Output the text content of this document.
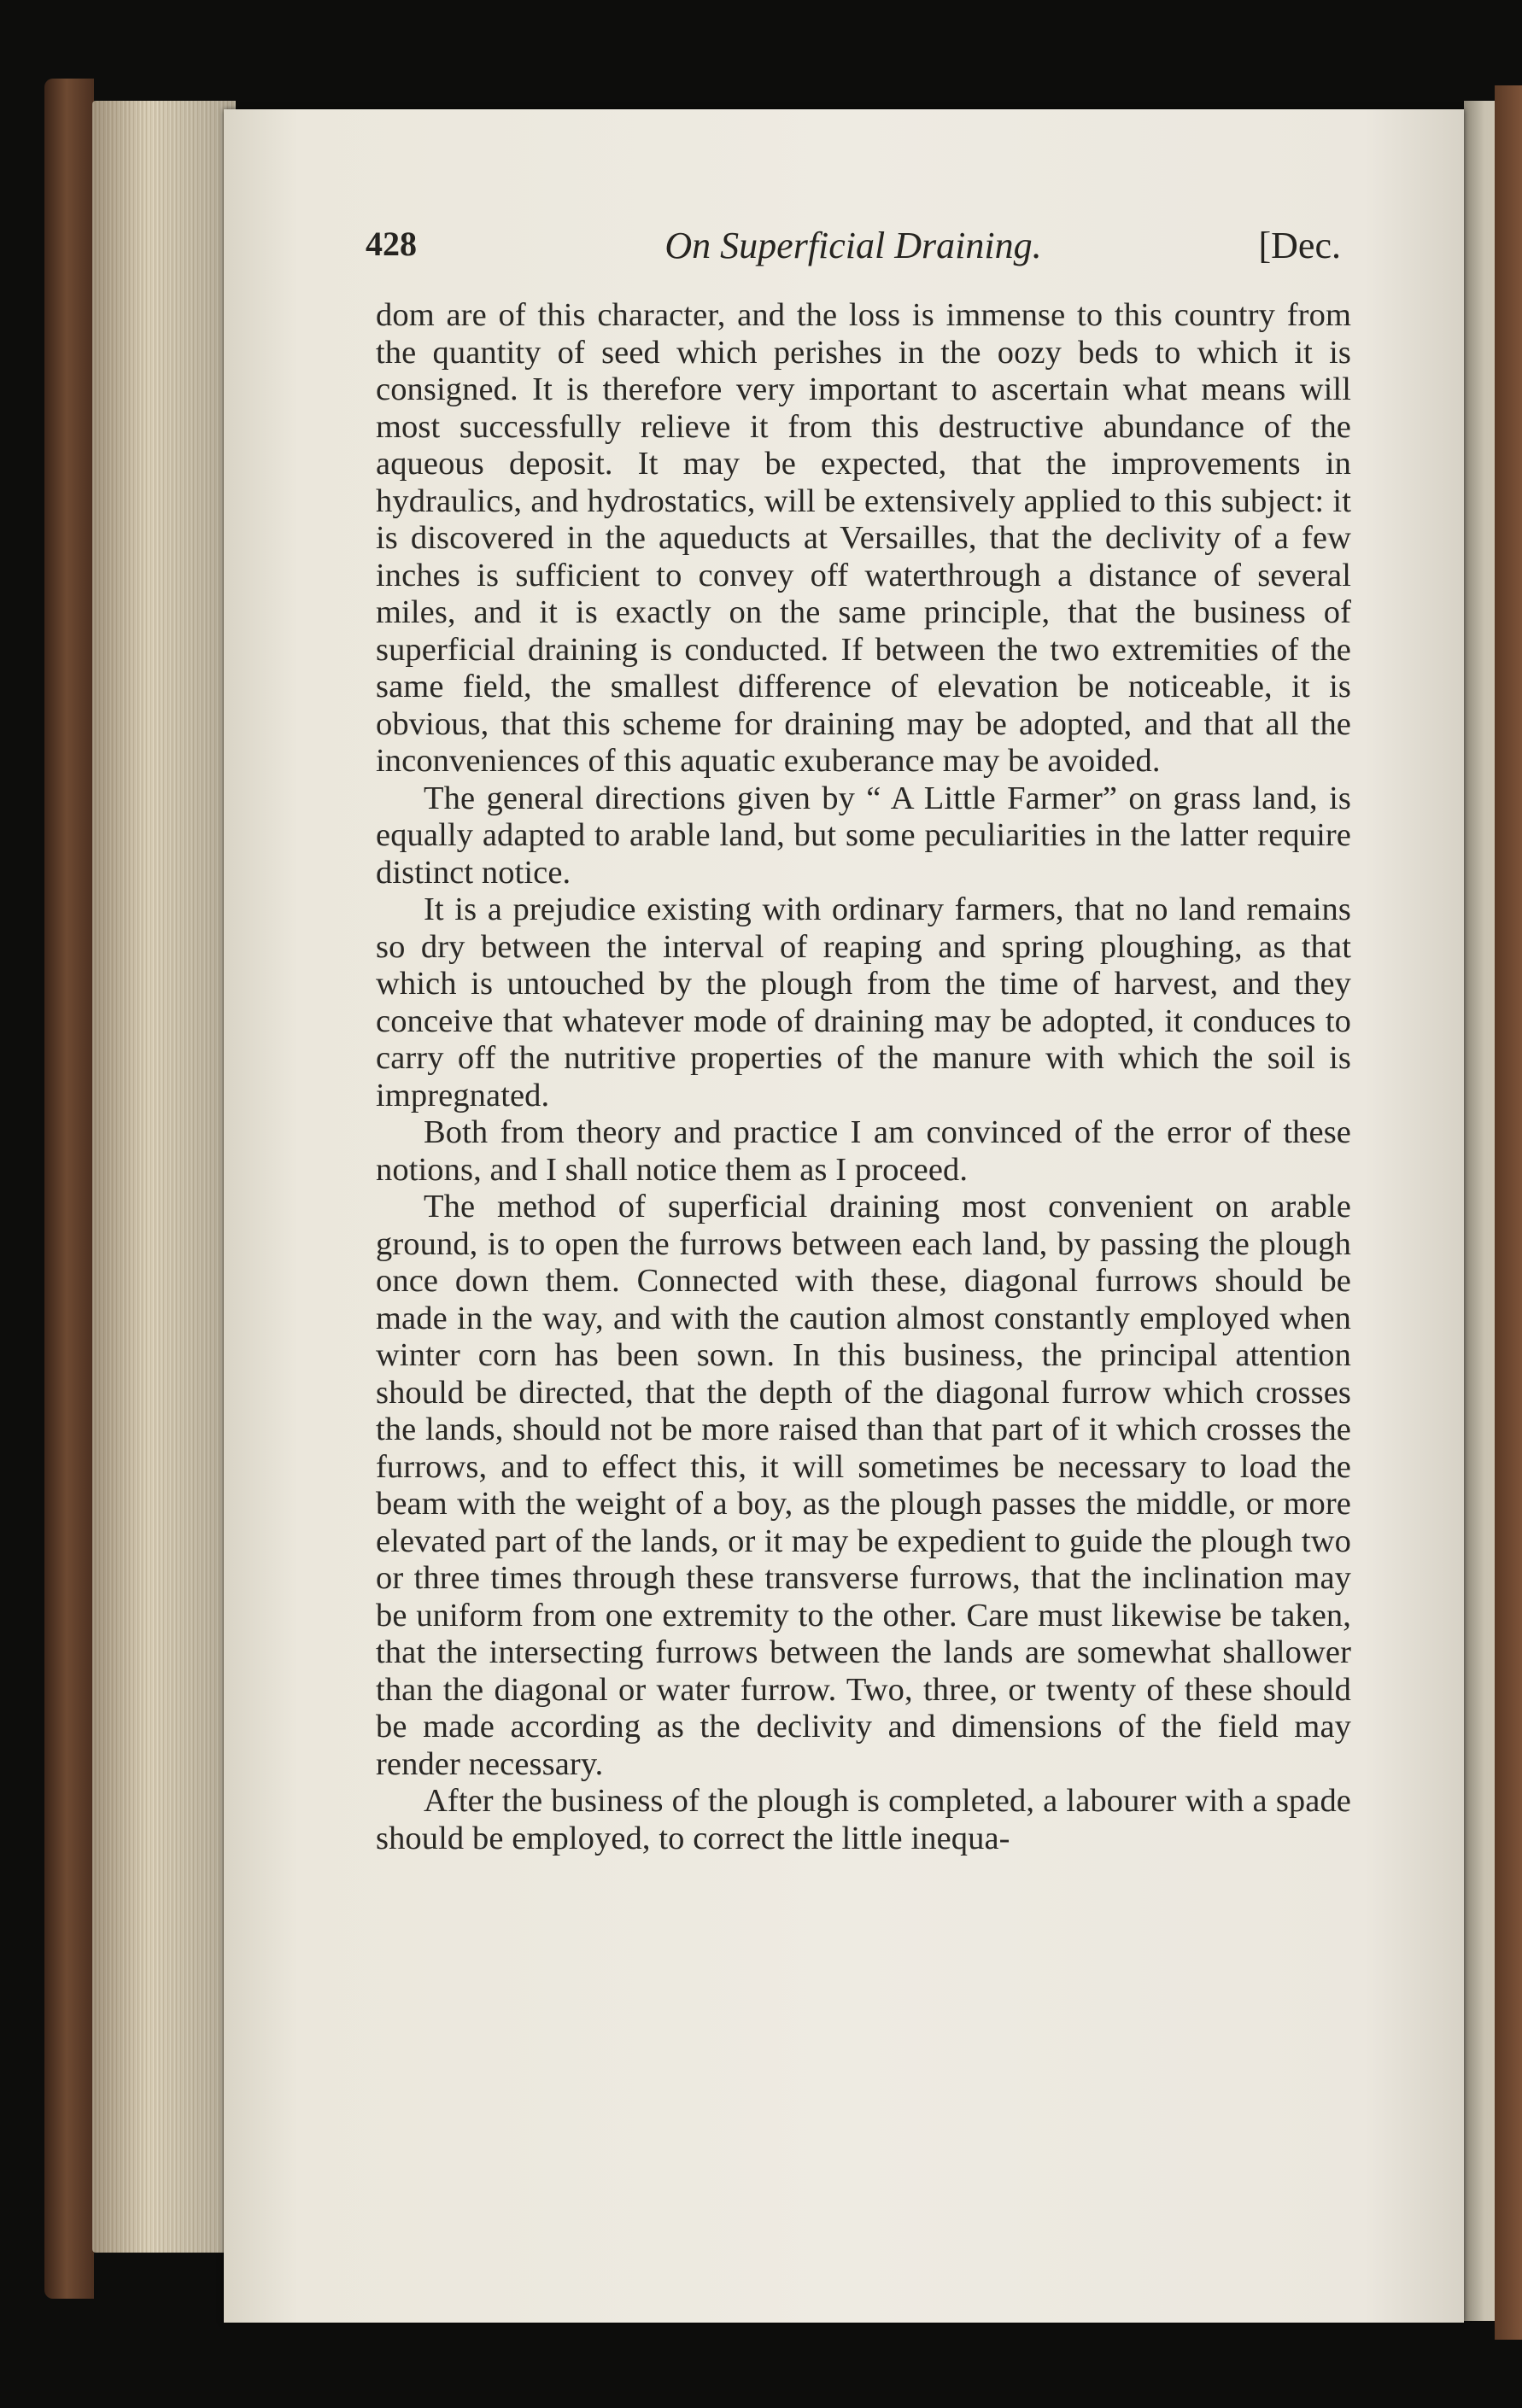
428	On Superficial Draining.	[Dec.

dom are of this character, and the loss is immense to this country from the quantity of seed which perishes in the oozy beds to which it is consigned. It is therefore very important to ascertain what means will most successfully relieve it from this destructive abundance of the aqueous deposit. It may be expected, that the improvements in hydraulics, and hydrostatics, will be extensively applied to this subject: it is discovered in the aqueducts at Versailles, that the declivity of a few inches is sufficient to convey off waterthrough a distance of several miles, and it is exactly on the same principle, that the business of superficial draining is conducted. If between the two extremities of the same field, the smallest difference of elevation be noticeable, it is obvious, that this scheme for draining may be adopted, and that all the inconveniences of this aquatic exuberance may be avoided.

The general directions given by “ A Little Farmer” on grass land, is equally adapted to arable land, but some peculiarities in the latter require distinct notice.

It is a prejudice existing with ordinary farmers, that no land remains so dry between the interval of reaping and spring ploughing, as that which is untouched by the plough from the time of harvest, and they conceive that whatever mode of draining may be adopted, it conduces to carry off the nutritive properties of the manure with which the soil is impregnated.

Both from theory and practice I am convinced of the error of these notions, and I shall notice them as I proceed.

The method of superficial draining most convenient on arable ground, is to open the furrows between each land, by passing the plough once down them. Connected with these, diagonal furrows should be made in the way, and with the caution almost constantly employed when winter corn has been sown. In this business, the principal attention should be directed, that the depth of the diagonal furrow which crosses the lands, should not be more raised than that part of it which crosses the furrows, and to effect this, it will sometimes be necessary to load the beam with the weight of a boy, as the plough passes the middle, or more elevated part of the lands, or it may be expedient to guide the plough two or three times through these transverse furrows, that the inclination may be uniform from one extremity to the other. Care must likewise be taken, that the intersecting furrows between the lands are somewhat shallower than the diagonal or water furrow. Two, three, or twenty of these should be made according as the declivity and dimensions of the field may render necessary.

After the business of the plough is completed, a labourer with a spade should be employed, to correct the little inequa-
